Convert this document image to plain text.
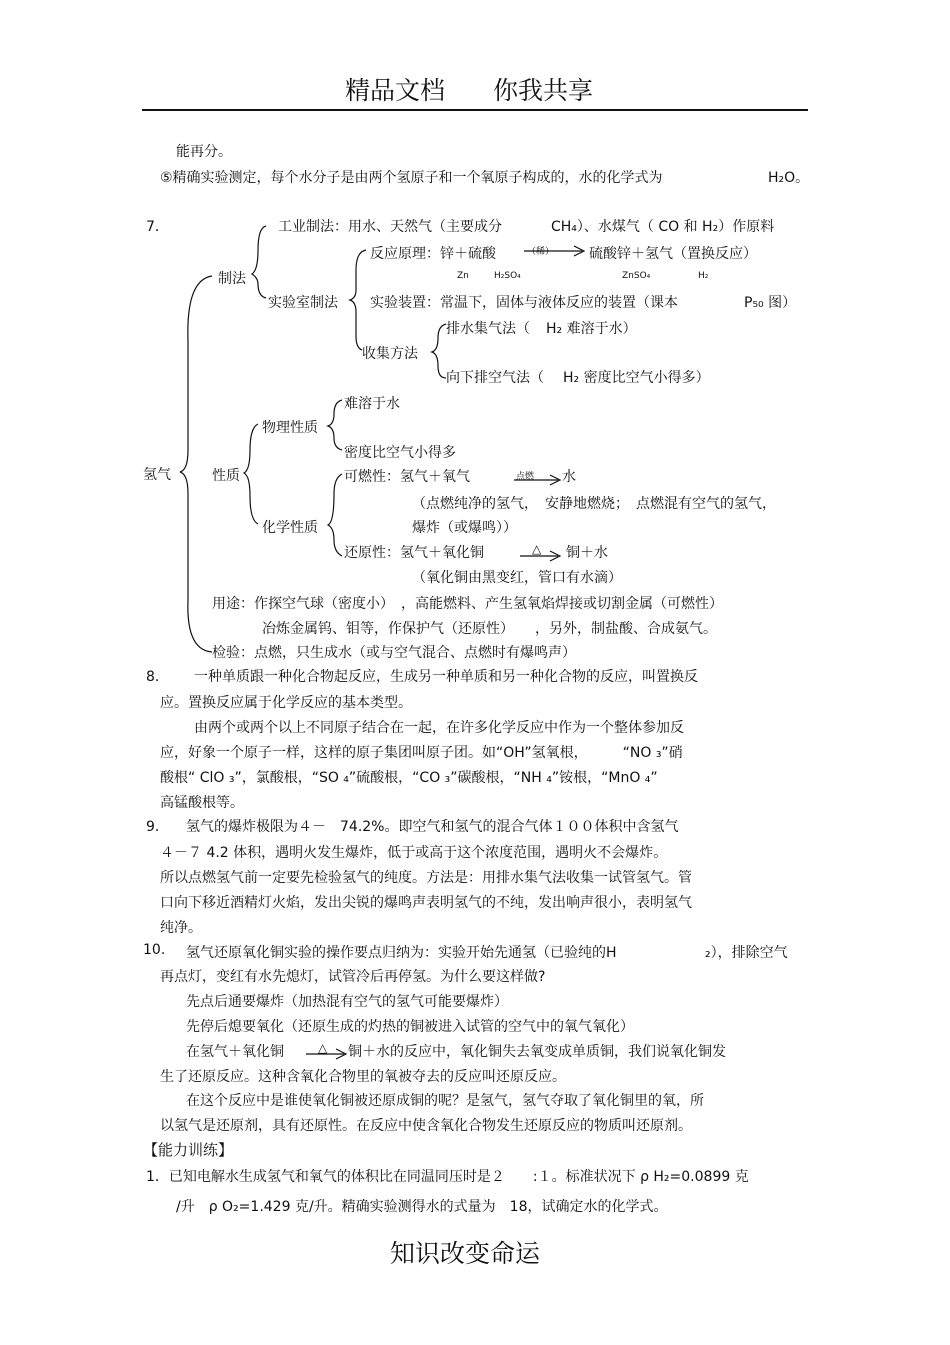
精品文档 你我共享
能再分。
⑤精确实验测定，每个水分子是由两个氢原子和一个氧原子构成的，水的化学式为	H₂O。
7．
氢气
制法
工业制法：用水、天然气（主要成分	CH₄）、水煤气（ CO 和 H₂）作原料
实验室制法
反应原理：锌＋硫酸	（稀） 硫酸锌＋氢气（置换反应）
Zn	H₂SO₄	ZnSO₄	H₂
实验装置：常温下，固体与液体反应的装置（课本	P₅₀ 图）
收集方法
排水集气法（ H₂ 难溶于水）
向下排空气法（ H₂ 密度比空气小得多）
性质
物理性质
难溶于水
密度比空气小得多
化学性质
可燃性：氢气＋氧气	点燃 水
（点燃纯净的氢气，　安静地燃烧；　点燃混有空气的氢气，
爆炸（或爆鸣））
还原性：氢气＋氧化铜	△ 铜＋水
（氧化铜由黑变红，管口有水滴）
用途：作探空气球（密度小）　，高能燃料、产生氢氧焰焊接或切割金属（可燃性）
冶炼金属钨、钼等，作保护气（还原性）　　，另外，制盐酸、合成氨气。
检验：点燃，只生成水（或与空气混合、点燃时有爆鸣声）
8． 一种单质跟一种化合物起反应，生成另一种单质和另一种化合物的反应，叫置换反
应。置换反应属于化学反应的基本类型。
由两个或两个以上不同原子结合在一起，在许多化学反应中作为一个整体参加反
应，好象一个原子一样，这样的原子集团叫原子团。如“OH”氢氧根，　　　“NO ₃”硝
酸根“ ClO ₃”，氯酸根，“SO ₄”硫酸根，“CO ₃”碳酸根，“NH ₄”铵根，“MnO ₄”
高锰酸根等。
9． 氢气的爆炸极限为４－　74.2%。即空气和氢气的混合气体１００体积中含氢气
４－７ 4.2 体积，遇明火发生爆炸，低于或高于这个浓度范围，遇明火不会爆炸。
所以点燃氢气前一定要先检验氢气的纯度。方法是：用排水集气法收集一试管氢气。管
口向下移近酒精灯火焰，发出尖锐的爆鸣声表明氢气的不纯，发出响声很小，表明氢气
纯净。
10. 氢气还原氧化铜实验的操作要点归纳为：实验开始先通氢（已验纯的H	₂），排除空气
再点灯，变红有水先熄灯，试管冷后再停氢。为什么要这样做?
先点后通要爆炸（加热混有空气的氢气可能要爆炸）
先停后熄要氧化（还原生成的灼热的铜被进入试管的空气中的氧气氧化）
在氢气＋氧化铜	△ 铜＋水的反应中，氧化铜失去氧变成单质铜，我们说氧化铜发
生了还原反应。这种含氧化合物里的氧被夺去的反应叫还原反应。
在这个反应中是谁使氧化铜被还原成铜的呢？是氢气，氢气夺取了氧化铜里的氧，所
以氢气是还原剂，具有还原性。在反应中使含氧化合物发生还原反应的物质叫还原剂。
【能力训练】
1．已知电解水生成氢气和氧气的体积比在同温同压时是２　　:１。标准状况下 ρ H₂=0.0899 克
/升　ρ O₂=1.429 克/升。精确实验测得水的式量为　18，试确定水的化学式。
知识改变命运
